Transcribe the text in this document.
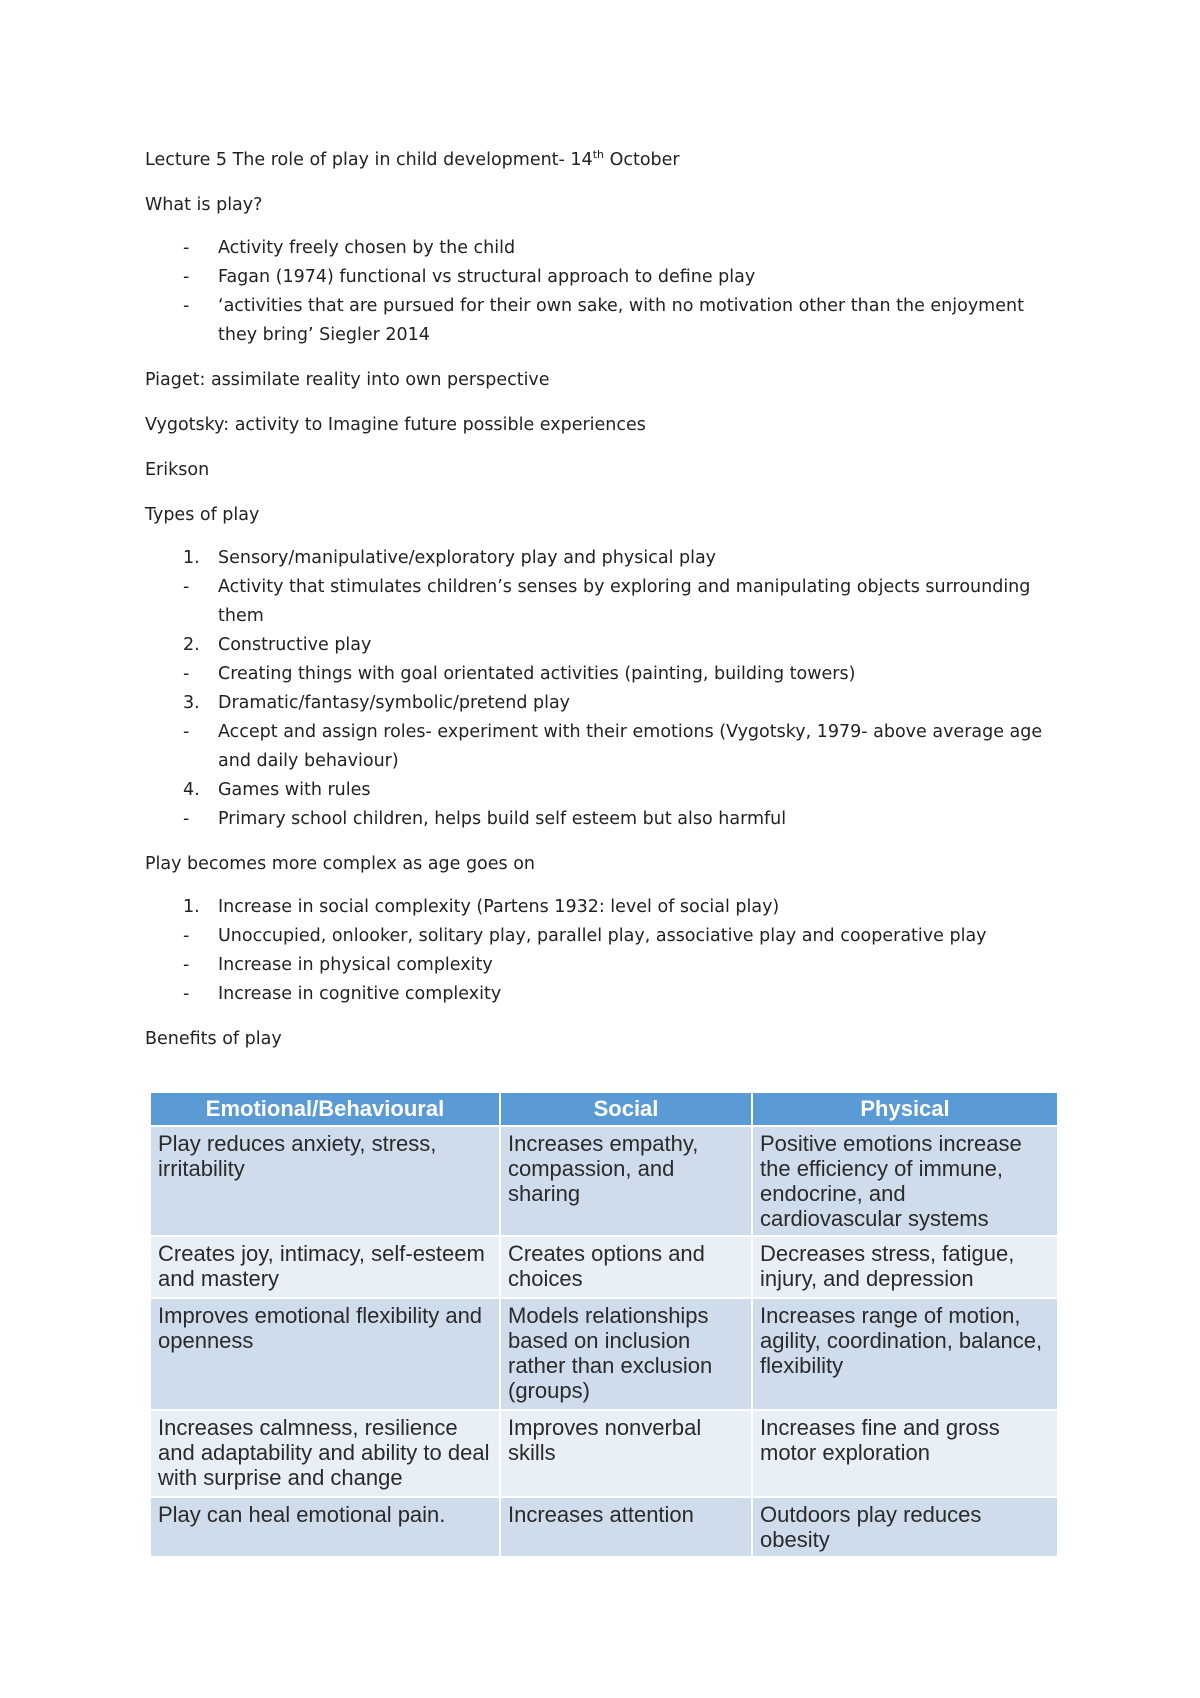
Lecture 5 The role of play in child development- 14th October

What is play?

-	Activity freely chosen by the child
-	Fagan (1974) functional vs structural approach to define play
-	‘activities that are pursued for their own sake, with no motivation other than the enjoyment they bring’ Siegler 2014

Piaget: assimilate reality into own perspective

Vygotsky: activity to Imagine future possible experiences

Erikson

Types of play

1.	Sensory/manipulative/exploratory play and physical play
-	Activity that stimulates children’s senses by exploring and manipulating objects surrounding them
2.	Constructive play
-	Creating things with goal orientated activities (painting, building towers)
3.	Dramatic/fantasy/symbolic/pretend play
-	Accept and assign roles- experiment with their emotions (Vygotsky, 1979- above average age and daily behaviour)
4.	Games with rules
-	Primary school children, helps build self esteem but also harmful

Play becomes more complex as age goes on

1.	Increase in social complexity (Partens 1932: level of social play)
-	Unoccupied, onlooker, solitary play, parallel play, associative play and cooperative play
-	Increase in physical complexity
-	Increase in cognitive complexity

Benefits of play

Emotional/Behavioural	Social	Physical
Play reduces anxiety, stress, irritability	Increases empathy, compassion, and sharing	Positive emotions increase the efficiency of immune, endocrine, and cardiovascular systems
Creates joy, intimacy, self-esteem and mastery	Creates options and choices	Decreases stress, fatigue, injury, and depression
Improves emotional flexibility and openness	Models relationships based on inclusion rather than exclusion (groups)	Increases range of motion, agility, coordination, balance, flexibility
Increases calmness, resilience and adaptability and ability to deal with surprise and change	Improves nonverbal skills	Increases fine and gross motor exploration
Play can heal emotional pain.	Increases attention	Outdoors play reduces obesity
